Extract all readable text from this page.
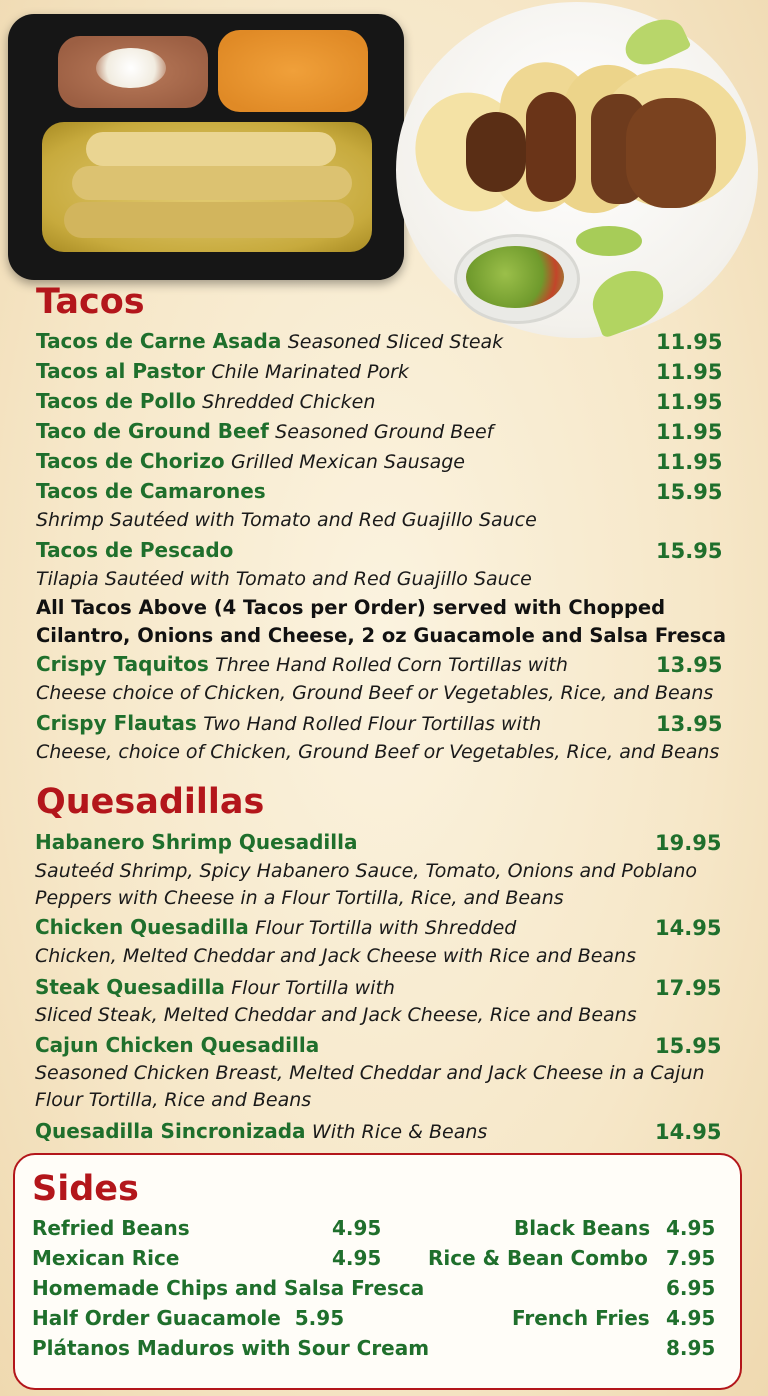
Tacos
Tacos de Carne Asada Seasoned Sliced Steak	11.95
Tacos al Pastor Chile Marinated Pork	11.95
Tacos de Pollo Shredded Chicken	11.95
Taco de Ground Beef Seasoned Ground Beef	11.95
Tacos de Chorizo Grilled Mexican Sausage	11.95
Tacos de Camarones	15.95
Shrimp Sautéed with Tomato and Red Guajillo Sauce
Tacos de Pescado	15.95
Tilapia Sautéed with Tomato and Red Guajillo Sauce
All Tacos Above (4 Tacos per Order) served with Chopped
Cilantro, Onions and Cheese, 2 oz Guacamole and Salsa Fresca
Crispy Taquitos Three Hand Rolled Corn Tortillas with	13.95
Cheese choice of Chicken, Ground Beef or Vegetables, Rice, and Beans
Crispy Flautas Two Hand Rolled Flour Tortillas with	13.95
Cheese, choice of Chicken, Ground Beef or Vegetables, Rice, and Beans
Quesadillas
Habanero Shrimp Quesadilla	19.95
Sauteéd Shrimp, Spicy Habanero Sauce, Tomato, Onions and Poblano
Peppers with Cheese in a Flour Tortilla, Rice, and Beans
Chicken Quesadilla Flour Tortilla with Shredded	14.95
Chicken, Melted Cheddar and Jack Cheese with Rice and Beans
Steak Quesadilla Flour Tortilla with	17.95
Sliced Steak, Melted Cheddar and Jack Cheese, Rice and Beans
Cajun Chicken Quesadilla	15.95
Seasoned Chicken Breast, Melted Cheddar and Jack Cheese in a Cajun
Flour Tortilla, Rice and Beans
Quesadilla Sincronizada With Rice & Beans	14.95
Sides
Refried Beans	4.95	Black Beans 4.95
Mexican Rice	4.95 Rice & Bean Combo 7.95
Homemade Chips and Salsa Fresca	6.95
Half Order Guacamole 5.95	French Fries 4.95
Plátanos Maduros with Sour Cream	8.95
